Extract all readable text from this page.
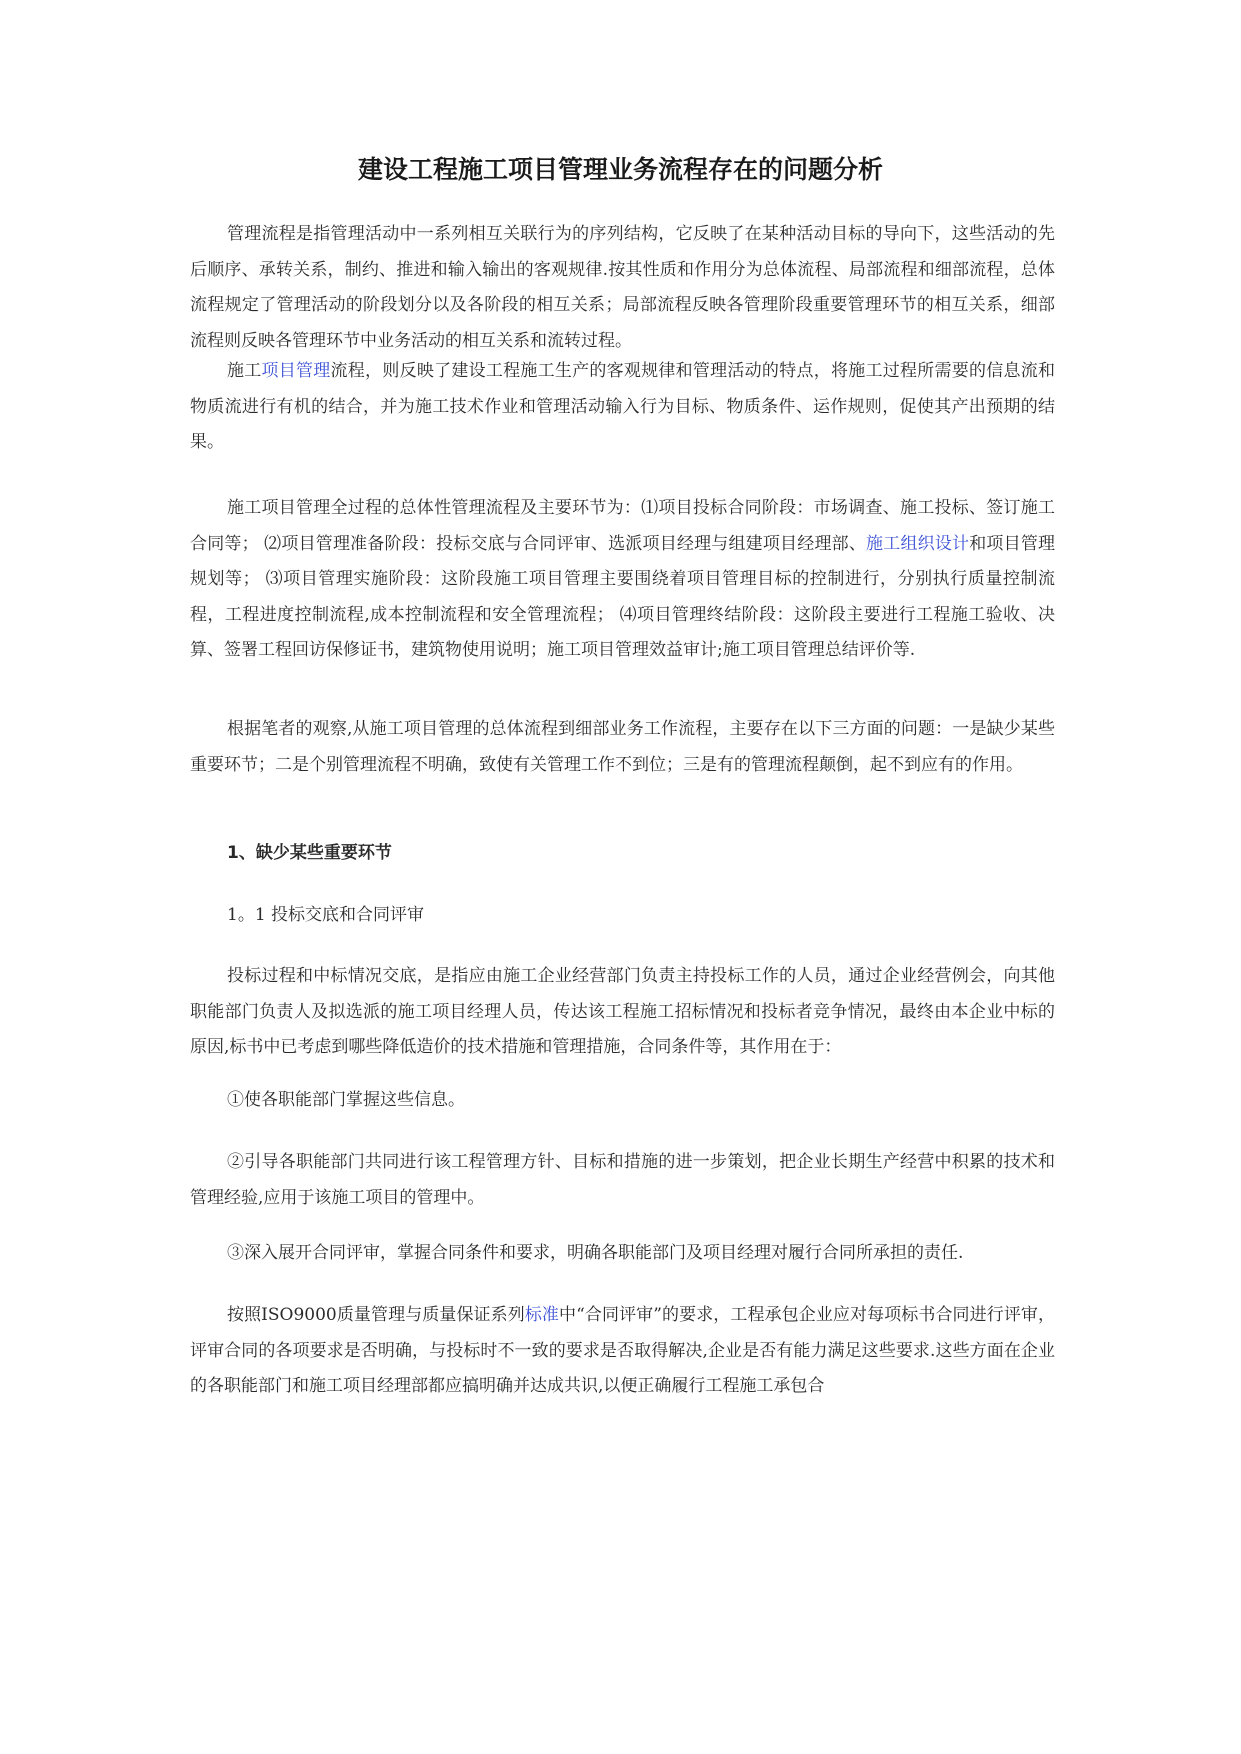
建设工程施工项目管理业务流程存在的问题分析
管理流程是指管理活动中一系列相互关联行为的序列结构，它反映了在某种活动目标的导向下，这些活动的先后顺序、承转关系，制约、推进和输入输出的客观规律.按其性质和作用分为总体流程、局部流程和细部流程，总体流程规定了管理活动的阶段划分以及各阶段的相互关系；局部流程反映各管理阶段重要管理环节的相互关系，细部流程则反映各管理环节中业务活动的相互关系和流转过程。
施工项目管理流程，则反映了建设工程施工生产的客观规律和管理活动的特点，将施工过程所需要的信息流和物质流进行有机的结合，并为施工技术作业和管理活动输入行为目标、物质条件、运作规则，促使其产出预期的结果。
施工项目管理全过程的总体性管理流程及主要环节为：⑴项目投标合同阶段：市场调查、施工投标、签订施工合同等； ⑵项目管理准备阶段：投标交底与合同评审、选派项目经理与组建项目经理部、施工组织设计和项目管理规划等； ⑶项目管理实施阶段：这阶段施工项目管理主要围绕着项目管理目标的控制进行，分别执行质量控制流程，工程进度控制流程,成本控制流程和安全管理流程； ⑷项目管理终结阶段：这阶段主要进行工程施工验收、决算、签署工程回访保修证书，建筑物使用说明；施工项目管理效益审计;施工项目管理总结评价等.
根据笔者的观察,从施工项目管理的总体流程到细部业务工作流程，主要存在以下三方面的问题：一是缺少某些重要环节；二是个别管理流程不明确，致使有关管理工作不到位；三是有的管理流程颠倒，起不到应有的作用。
1、缺少某些重要环节
1。1 投标交底和合同评审
投标过程和中标情况交底，是指应由施工企业经营部门负责主持投标工作的人员，通过企业经营例会，向其他职能部门负责人及拟选派的施工项目经理人员，传达该工程施工招标情况和投标者竞争情况，最终由本企业中标的原因,标书中已考虑到哪些降低造价的技术措施和管理措施，合同条件等，其作用在于：
①使各职能部门掌握这些信息。
②引导各职能部门共同进行该工程管理方针、目标和措施的进一步策划，把企业长期生产经营中积累的技术和管理经验,应用于该施工项目的管理中。
③深入展开合同评审，掌握合同条件和要求，明确各职能部门及项目经理对履行合同所承担的责任.
按照ISO9000质量管理与质量保证系列标准中“合同评审”的要求，工程承包企业应对每项标书合同进行评审，评审合同的各项要求是否明确，与投标时不一致的要求是否取得解决,企业是否有能力满足这些要求.这些方面在企业的各职能部门和施工项目经理部都应搞明确并达成共识,以便正确履行工程施工承包合
